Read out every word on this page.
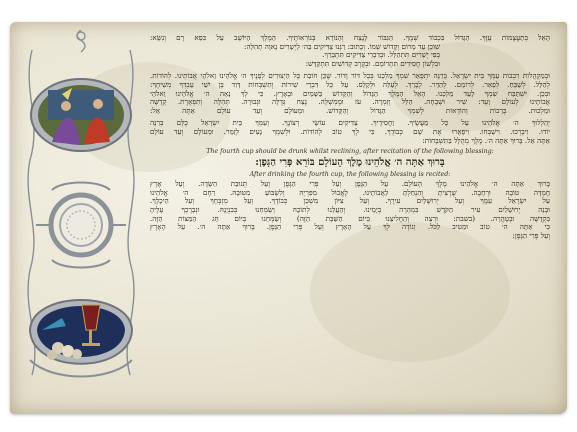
הָאֵל בְּתַעֲצֻמוֹת עֻזֶּךָ. הַגָּדוֹל בִּכְבוֹד שְׁמֶךָ. הַגִּבּוֹר לָנֶצַח וְהַנּוֹרָא בְּנוֹרְאוֹתֶיךָ. הַמֶּלֶךְ הַיּוֹשֵׁב עַל כִּסֵּא רָם וְנִשָּׂא:
שׁוֹכֵן עַד מָרוֹם וְקָדוֹשׁ שְׁמוֹ. וְכָתוּב: רַנְּנוּ צַדִּיקִים בַּה׳ לַיְשָׁרִים נָאוָה תְהִלָּה:
בְּפִי יְשָׁרִים תִּתְהַלָּל. וּבְדִבְרֵי צַדִּיקִים תִּתְבָּרַךְ.
וּבִלְשׁוֹן חֲסִידִים תִּתְרוֹמָם. וּבְקֶרֶב קְדוֹשִׁים תִּתְקַדָּשׁ:
וּבְמַקְהֲלוֹת רִבְבוֹת עַמְּךָ בֵּית יִשְׂרָאֵל. בְּרִנָּה יִתְפָּאַר שִׁמְךָ מַלְכֵּנוּ בְּכָל דּוֹר וָדוֹר. שֶׁכֵּן חוֹבַת כָּל הַיְצוּרִים לְפָנֶיךָ ה׳ אֱלֹהֵינוּ וֵאלֹהֵי אֲבוֹתֵינוּ. לְהוֹדוֹת.
לְהַלֵּל. לְשַׁבֵּחַ. לְפָאֵר. לְרוֹמֵם. לְהַדֵּר. לְבָרֵךְ. לְעַלֵּה וּלְקַלֵּס. עַל כָּל דִּבְרֵי שִׁירוֹת וְתִשְׁבְּחוֹת דָּוִד בֶּן יִשַׁי עַבְדְּךָ מְשִׁיחֶךָ:
וּבְכֵן. יִשְׁתַּבַּח שִׁמְךָ לָעַד מַלְכֵּנוּ. הָאֵל הַמֶּלֶךְ הַגָּדוֹל וְהַקָּדוֹשׁ בַּשָּׁמַיִם וּבָאָרֶץ. כִּי לְךָ נָאֶה ה׳ אֱלֹהֵינוּ וֵאלֹהֵי
אֲבוֹתֵינוּ לְעוֹלָם וָעֶד: שִׁיר וּשְׁבָחָה. הַלֵּל וְזִמְרָה. עֹז וּמֶמְשָׁלָה. נֶצַח גְּדֻלָּה וּגְבוּרָה. תְּהִלָּה וְתִפְאֶרֶת. קְדֻשָּׁה
וּמַלְכוּת. בְּרָכוֹת וְהוֹדָאוֹת לְשִׁמְךָ הַגָּדוֹל וְהַקָּדוֹשׁ. וּמֵעוֹלָם וְעַד עוֹלָם אַתָּה אֵל:
יְהַלְלוּךָ ה׳ אֱלֹהֵינוּ עַל כָּל מַעֲשֶׂיךָ. וַחֲסִידֶיךָ. צַדִּיקִים עוֹשֵׂי רְצוֹנֶךָ. וְעַמְּךָ בֵּית יִשְׂרָאֵל כֻּלָּם בְּרִנָּה
יוֹדוּ. וִיבָרְכוּ. וִישַׁבְּחוּ. וִיפָאֲרוּ אֶת שֵׁם כְּבוֹדֶךָ. כִּי לְךָ טוֹב לְהוֹדוֹת. וּלְשִׁמְךָ נָעִים לְזַמֵּר. וּמֵעוֹלָם וְעַד עוֹלָם
אַתָּה אֵל. בָּרוּךְ אַתָּה ה׳. מֶלֶךְ מְהֻלָּל בַּתִּשְׁבָּחוֹת:
The fourth cup should be drunk whilst reclining, after recitation of the following blessing:
בָּרוּךְ אַתָּה ה׳ אֱלֹהֵינוּ מֶלֶךְ הָעוֹלָם בּוֹרֵא פְּרִי הַגָּפֶן:
After drinking the fourth cup, the following blessing is recited:
בָּרוּךְ אַתָּה ה׳ אֱלֹהֵינוּ מֶלֶךְ הָעוֹלָם. עַל הַגֶּפֶן וְעַל פְּרִי הַגֶּפֶן וְעַל תְּנוּבַת הַשָּׂדֶה. וְעַל אֶרֶץ
חֶמְדָּה טוֹבָה וּרְחָבָה. שֶׁרָצִיתָ וְהִנְחַלְתָּ לַאֲבוֹתֵינוּ. לֶאֱכוֹל מִפִּרְיָהּ וְלִשְׂבּוֹעַ מִטּוּבָהּ. רַחֶם ה׳ אֱלֹהֵינוּ
עַל יִשְׂרָאֵל עַמֶּךָ וְעַל יְרוּשָׁלַיִם עִירֶךָ. וְעַל צִיּוֹן מִשְׁכַּן כְּבוֹדֶךָ. וְעַל מִזְבְּחֶךָ וְעַל הֵיכָלֶךָ.
וּבְנֵה יְרוּשָׁלַיִם עִיר הַקֹּדֶשׁ בִּמְהֵרָה בְיָמֵינוּ. וְהַעֲלֵנוּ לְתוֹכָהּ וְשַׂמְּחֵנוּ בְּבִנְיָנָהּ. וּנְבָרֶכְךָ עָלֶיהָ
בִּקְדֻשָּׁה וּבְטָהֳרָה. (בשבת: וּרְצֵה וְהַחֲלִיצֵנוּ בְּיוֹם הַשַּׁבָּת הַזֶּה) וְשַׂמְּחֵנוּ בְּיוֹם חַג הַמַּצּוֹת הַזֶּה.
כִּי אַתָּה ה׳ טוֹב וּמֵטִיב לַכֹּל. וְנוֹדֶה לְּךָ עַל הָאָרֶץ וְעַל פְּרִי הַגָּפֶן. בָּרוּךְ אַתָּה ה׳. עַל הָאָרֶץ
וְעַל פְּרִי הַגָּפֶן:
